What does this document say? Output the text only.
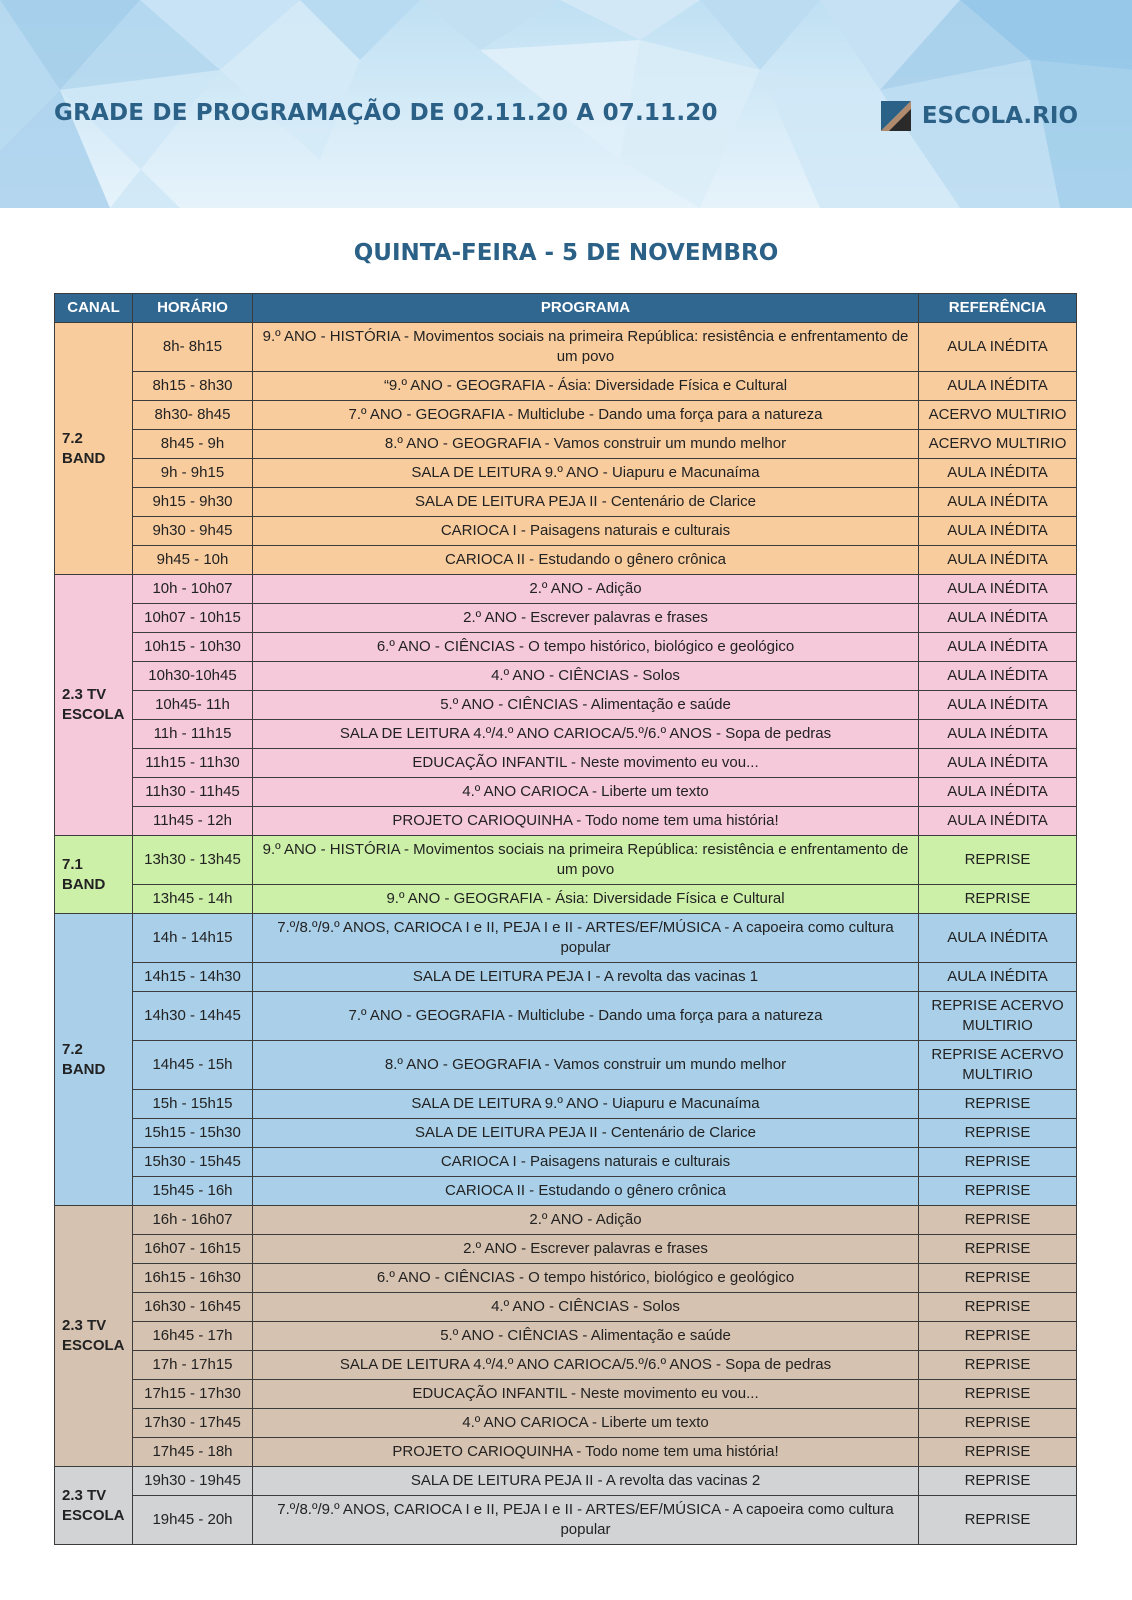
GRADE DE PROGRAMAÇÃO DE 02.11.20 A 07.11.20	ESCOLA.RIO
QUINTA-FEIRA - 5 DE NOVEMBRO
CANAL	HORÁRIO	PROGRAMA	REFERÊNCIA
7.2
BAND	8h- 8h15	9.º ANO - HISTÓRIA - Movimentos sociais na primeira República: resistência e enfrentamento de um povo	AULA INÉDITA
	8h15 - 8h30	“9.º ANO - GEOGRAFIA - Ásia: Diversidade Física e Cultural	AULA INÉDITA
	8h30- 8h45	7.º ANO - GEOGRAFIA - Multiclube - Dando uma força para a natureza	ACERVO MULTIRIO
	8h45 - 9h	8.º ANO - GEOGRAFIA - Vamos construir um mundo melhor	ACERVO MULTIRIO
	9h - 9h15	SALA DE LEITURA 9.º ANO - Uiapuru e Macunaíma	AULA INÉDITA
	9h15 - 9h30	SALA DE LEITURA PEJA II - Centenário de Clarice	AULA INÉDITA
	9h30 - 9h45	CARIOCA I - Paisagens naturais e culturais	AULA INÉDITA
	9h45 - 10h	CARIOCA II - Estudando o gênero crônica	AULA INÉDITA
2.3 TV
ESCOLA	10h - 10h07	2.º ANO - Adição	AULA INÉDITA
	10h07 - 10h15	2.º ANO - Escrever palavras e frases	AULA INÉDITA
	10h15 - 10h30	6.º ANO - CIÊNCIAS - O tempo histórico, biológico e geológico	AULA INÉDITA
	10h30-10h45	4.º ANO - CIÊNCIAS - Solos	AULA INÉDITA
	10h45- 11h	5.º ANO - CIÊNCIAS - Alimentação e saúde	AULA INÉDITA
	11h - 11h15	SALA DE LEITURA 4.º/4.º ANO CARIOCA/5.º/6.º ANOS - Sopa de pedras	AULA INÉDITA
	11h15 - 11h30	EDUCAÇÃO INFANTIL - Neste movimento eu vou...	AULA INÉDITA
	11h30 - 11h45	4.º ANO CARIOCA - Liberte um texto	AULA INÉDITA
	11h45 - 12h	PROJETO CARIOQUINHA - Todo nome tem uma história!	AULA INÉDITA
7.1
BAND	13h30 - 13h45	9.º ANO - HISTÓRIA - Movimentos sociais na primeira República: resistência e enfrentamento de um povo	REPRISE
	13h45 - 14h	9.º ANO - GEOGRAFIA - Ásia: Diversidade Física e Cultural	REPRISE
7.2
BAND	14h - 14h15	7.º/8.º/9.º ANOS, CARIOCA I e II, PEJA I e II - ARTES/EF/MÚSICA - A capoeira como cultura popular	AULA INÉDITA
	14h15 - 14h30	SALA DE LEITURA PEJA I - A revolta das vacinas 1	AULA INÉDITA
	14h30 - 14h45	7.º ANO - GEOGRAFIA - Multiclube - Dando uma força para a natureza	REPRISE ACERVO MULTIRIO
	14h45 - 15h	8.º ANO - GEOGRAFIA - Vamos construir um mundo melhor	REPRISE ACERVO MULTIRIO
	15h - 15h15	SALA DE LEITURA 9.º ANO - Uiapuru e Macunaíma	REPRISE
	15h15 - 15h30	SALA DE LEITURA PEJA II - Centenário de Clarice	REPRISE
	15h30 - 15h45	CARIOCA I - Paisagens naturais e culturais	REPRISE
	15h45 - 16h	CARIOCA II - Estudando o gênero crônica	REPRISE
2.3 TV
ESCOLA	16h - 16h07	2.º ANO - Adição	REPRISE
	16h07 - 16h15	2.º ANO - Escrever palavras e frases	REPRISE
	16h15 - 16h30	6.º ANO - CIÊNCIAS - O tempo histórico, biológico e geológico	REPRISE
	16h30 - 16h45	4.º ANO - CIÊNCIAS - Solos	REPRISE
	16h45 - 17h	5.º ANO - CIÊNCIAS - Alimentação e saúde	REPRISE
	17h - 17h15	SALA DE LEITURA 4.º/4.º ANO CARIOCA/5.º/6.º ANOS - Sopa de pedras	REPRISE
	17h15 - 17h30	EDUCAÇÃO INFANTIL - Neste movimento eu vou...	REPRISE
	17h30 - 17h45	4.º ANO CARIOCA - Liberte um texto	REPRISE
	17h45 - 18h	PROJETO CARIOQUINHA - Todo nome tem uma história!	REPRISE
2.3 TV
ESCOLA	19h30 - 19h45	SALA DE LEITURA PEJA II - A revolta das vacinas 2	REPRISE
	19h45 - 20h	7.º/8.º/9.º ANOS, CARIOCA I e II, PEJA I e II - ARTES/EF/MÚSICA - A capoeira como cultura popular	REPRISE
